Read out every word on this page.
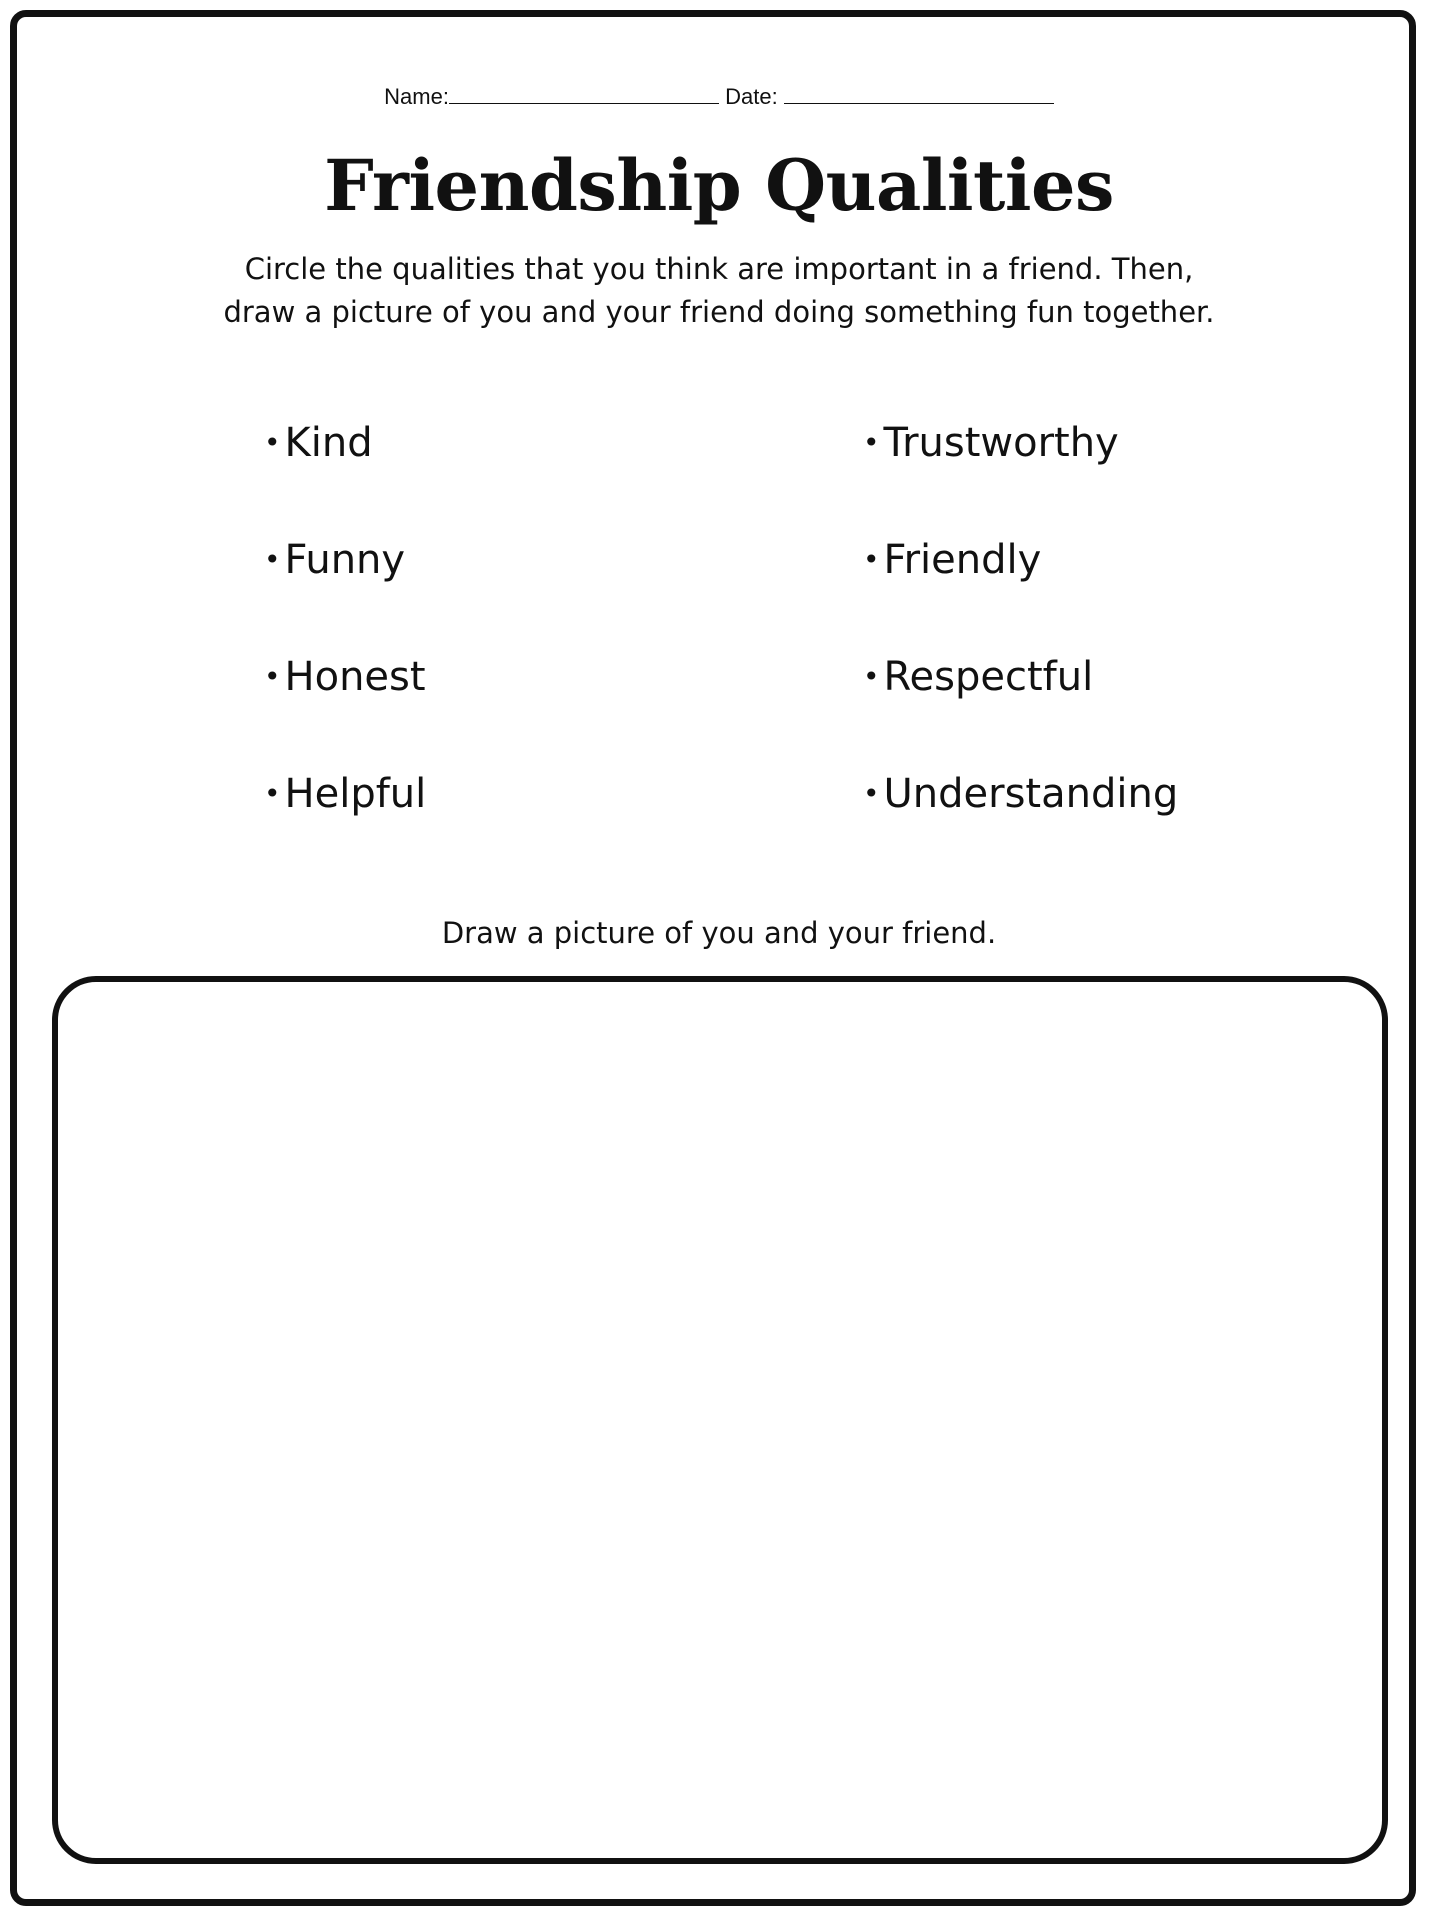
Name:	Date:
Friendship Qualities
Circle the qualities that you think are important in a friend. Then,
draw a picture of you and your friend doing something fun together.
• Kind
• Funny
• Honest
• Helpful
• Trustworthy
• Friendly
• Respectful
• Understanding
Draw a picture of you and your friend.
